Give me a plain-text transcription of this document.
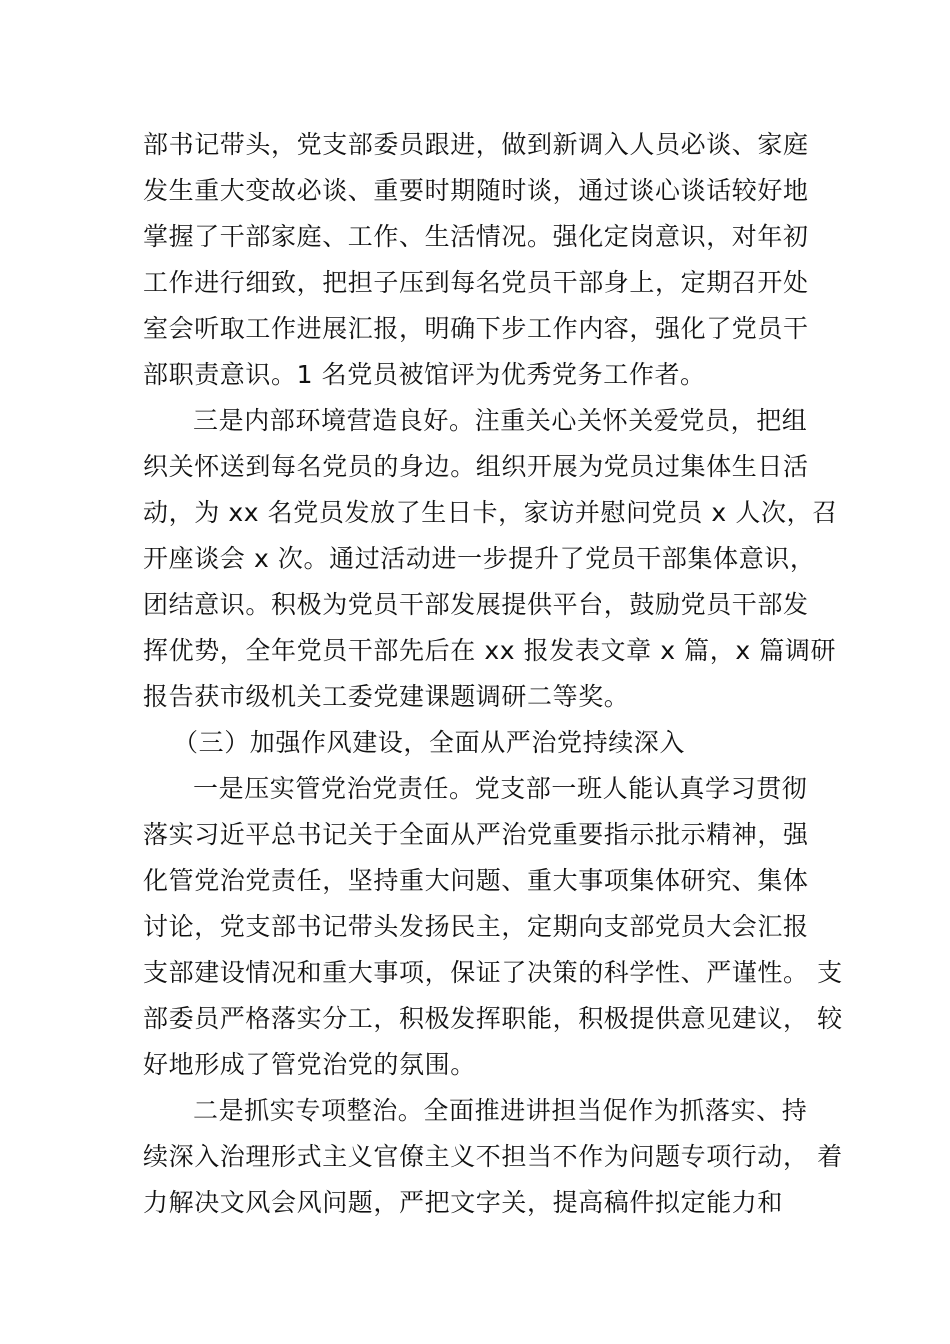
部书记带头，党支部委员跟进，做到新调入人员必谈、家庭
发生重大变故必谈、重要时期随时谈，通过谈心谈话较好地
掌握了干部家庭、工作、生活情况。强化定岗意识，对年初
工作进行细致，把担子压到每名党员干部身上，定期召开处
室会听取工作进展汇报，明确下步工作内容，强化了党员干
部职责意识。1 名党员被馆评为优秀党务工作者。
三是内部环境营造良好。注重关心关怀关爱党员，把组
织关怀送到每名党员的身边。组织开展为党员过集体生日活
动，为 xx 名党员发放了生日卡，家访并慰问党员 x 人次，召
开座谈会 x 次。通过活动进一步提升了党员干部集体意识，
团结意识。积极为党员干部发展提供平台，鼓励党员干部发
挥优势，全年党员干部先后在 xx 报发表文章 x 篇，x 篇调研
报告获市级机关工委党建课题调研二等奖。
（三）加强作风建设，全面从严治党持续深入
一是压实管党治党责任。党支部一班人能认真学习贯彻
落实习近平总书记关于全面从严治党重要指示批示精神，强
化管党治党责任，坚持重大问题、重大事项集体研究、集体
讨论，党支部书记带头发扬民主，定期向支部党员大会汇报
支部建设情况和重大事项，保证了决策的科学性、严谨性。 支
部委员严格落实分工，积极发挥职能，积极提供意见建议， 较
好地形成了管党治党的氛围。
二是抓实专项整治。全面推进讲担当促作为抓落实、持
续深入治理形式主义官僚主义不担当不作为问题专项行动， 着
力解决文风会风问题，严把文字关，提高稿件拟定能力和
